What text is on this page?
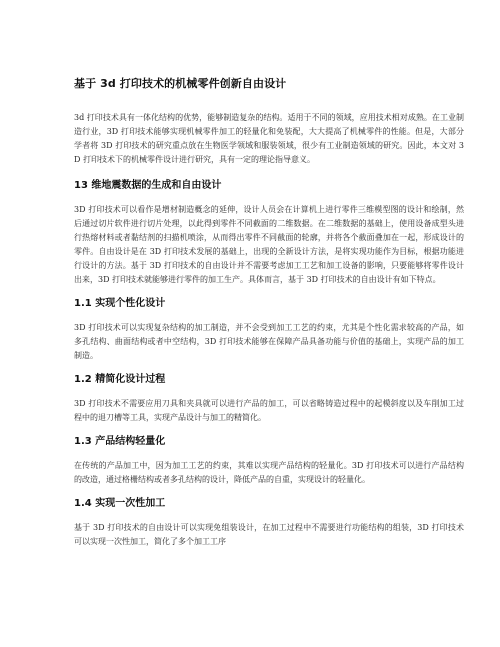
基于 3d 打印技术的机械零件创新自由设计

3d 打印技术具有一体化结构的优势，能够制造复杂的结构。适用于不同的领域，应用技术相对成熟。在工业制造行业，3D 打印技术能够实现机械零件加工的轻量化和免装配，大大提高了机械零件的性能。但是，大部分学者将 3D 打印技术的研究重点放在生物医学领域和服装领域，很少有工业制造领域的研究。因此，本文对 3D 打印技术下的机械零件设计进行研究，具有一定的理论指导意义。

13 维地震数据的生成和自由设计

3D 打印技术可以看作是增材制造概念的延伸，设计人员会在计算机上进行零件三维模型图的设计和绘制，然后通过切片软件进行切片处理，以此得到零件不同截面的二维数据。在二维数据的基础上，使用设备成型头进行热熔材料或者黏结剂的扫描机喷涂，从而得出零件不同截面的轮廓，并将各个截面叠加在一起，形成设计的零件。自由设计是在 3D 打印技术发展的基础上，出现的全新设计方法，是将实现功能作为目标，根据功能进行设计的方法。基于 3D 打印技术的自由设计并不需要考虑加工工艺和加工设备的影响，只要能够将零件设计出来，3D 打印技术就能够进行零件的加工生产。具体而言，基于 3D 打印技术的自由设计有如下特点。

1.1 实现个性化设计

3D 打印技术可以实现复杂结构的加工制造，并不会受到加工工艺的约束，尤其是个性化需求较高的产品，如多孔结构、曲面结构或者中空结构，3D 打印技术能够在保障产品具备功能与价值的基础上，实现产品的加工制造。

1.2 精简化设计过程

3D 打印技术不需要应用刀具和夹具就可以进行产品的加工，可以省略铸造过程中的起模斜度以及车削加工过程中的退刀槽等工具，实现产品设计与加工的精简化。

1.3 产品结构轻量化

在传统的产品加工中，因为加工工艺的约束，其难以实现产品结构的轻量化。3D 打印技术可以进行产品结构的改造，通过格栅结构或者多孔结构的设计，降低产品的自重，实现设计的轻量化。

1.4 实现一次性加工

基于 3D 打印技术的自由设计可以实现免组装设计，在加工过程中不需要进行功能结构的组装，3D 打印技术可以实现一次性加工，简化了多个加工工序
